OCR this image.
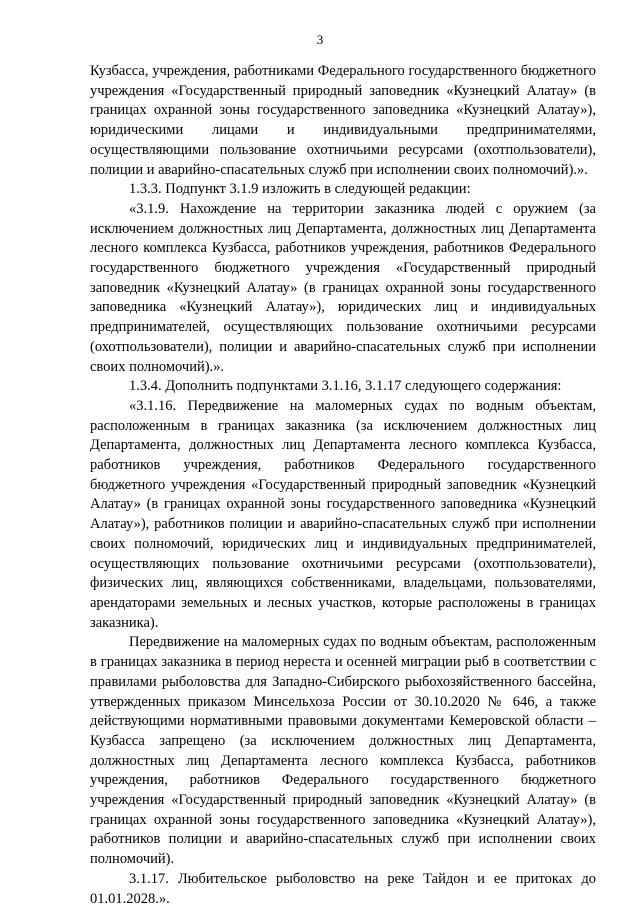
3

Кузбасса, учреждения, работниками Федерального государственного бюджетного учреждения «Государственный природный заповедник «Кузнецкий Алатау» (в границах охранной зоны государственного заповедника «Кузнецкий Алатау»), юридическими лицами и индивидуальными предпринимателями, осуществляющими пользование охотничьими ресурсами (охотпользователи), полиции и аварийно-спасательных служб при исполнении своих полномочий).».

1.3.3. Подпункт 3.1.9 изложить в следующей редакции:

«3.1.9. Нахождение на территории заказника людей с оружием (за исключением должностных лиц Департамента, должностных лиц Департамента лесного комплекса Кузбасса, работников учреждения, работников Федерального государственного бюджетного учреждения «Государственный природный заповедник «Кузнецкий Алатау» (в границах охранной зоны государственного заповедника «Кузнецкий Алатау»), юридических лиц и индивидуальных предпринимателей, осуществляющих пользование охотничьими ресурсами (охотпользователи), полиции и аварийно-спасательных служб при исполнении своих полномочий).».

1.3.4. Дополнить подпунктами 3.1.16, 3.1.17 следующего содержания:

«3.1.16. Передвижение на маломерных судах по водным объектам, расположенным в границах заказника (за исключением должностных лиц Департамента, должностных лиц Департамента лесного комплекса Кузбасса, работников учреждения, работников Федерального государственного бюджетного учреждения «Государственный природный заповедник «Кузнецкий Алатау» (в границах охранной зоны государственного заповедника «Кузнецкий Алатау»), работников полиции и аварийно-спасательных служб при исполнении своих полномочий, юридических лиц и индивидуальных предпринимателей, осуществляющих пользование охотничьими ресурсами (охотпользователи), физических лиц, являющихся собственниками, владельцами, пользователями, арендаторами земельных и лесных участков, которые расположены в границах заказника).

Передвижение на маломерных судах по водным объектам, расположенным в границах заказника в период нереста и осенней миграции рыб в соответствии с правилами рыболовства для Западно-Сибирского рыбохозяйственного бассейна, утвержденных приказом Минсельхоза России от 30.10.2020 № 646, а также действующими нормативными правовыми документами Кемеровской области – Кузбасса запрещено (за исключением должностных лиц Департамента, должностных лиц Департамента лесного комплекса Кузбасса, работников учреждения, работников Федерального государственного бюджетного учреждения «Государственный природный заповедник «Кузнецкий Алатау» (в границах охранной зоны государственного заповедника «Кузнецкий Алатау»), работников полиции и аварийно-спасательных служб при исполнении своих полномочий).

3.1.17. Любительское рыболовство на реке Тайдон и ее притоках до 01.01.2028.».
